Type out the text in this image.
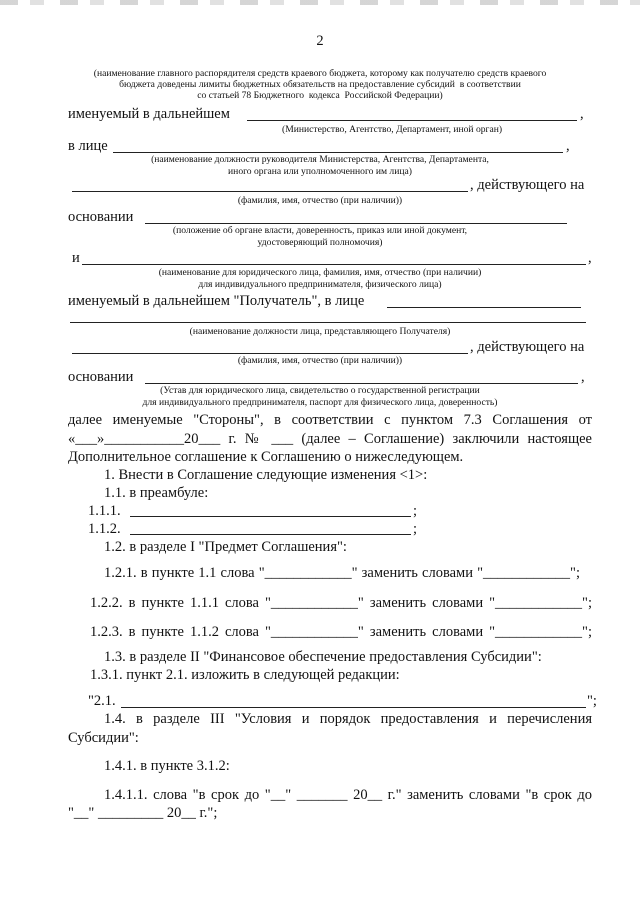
2
(наименование главного распорядителя средств краевого бюджета, которому как получателю средств краевого
бюджета доведены лимиты бюджетных обязательств на предоставление субсидий  в соответствии
со статьей 78 Бюджетного  кодекса  Российской Федерации)
именуемый в дальнейшем	,
(Министерство, Агентство, Департамент, иной орган)
в лице	,
(наименование должности руководителя Министерства, Агентства, Департамента,
иного органа или уполномоченного им лица)
, действующего на
(фамилия, имя, отчество (при наличии))
основании
(положение об органе власти, доверенность, приказ или иной документ,
удостоверяющий полномочия)
и	,
(наименование для юридического лица, фамилия, имя, отчество (при наличии)
для индивидуального предпринимателя, физического лица)
именуемый в дальнейшем "Получатель", в лице
(наименование должности лица, представляющего Получателя)
, действующего на
(фамилия, имя, отчество (при наличии))
основании	,
(Устав для юридического лица, свидетельство о государственной регистрации
для индивидуального предпринимателя, паспорт для физического лица, доверенность)
далее именуемые "Стороны", в соответствии с пунктом 7.3 Соглашения от
«___»___________20___ г. № ___ (далее – Соглашение) заключили настоящее
Дополнительное соглашение к Соглашению о нижеследующем.
1. Внести в Соглашение следующие изменения <1>:
1.1. в преамбуле:
1.1.1.	;
1.1.2.	;
1.2. в разделе I "Предмет Соглашения":
1.2.1. в пункте 1.1 слова "____________" заменить словами "____________";
1.2.2. в пункте 1.1.1 слова "____________" заменить словами "____________";
1.2.3. в пункте 1.1.2 слова "____________" заменить словами "____________";
1.3. в разделе II "Финансовое обеспечение предоставления Субсидии":
1.3.1. пункт 2.1. изложить в следующей редакции:
"2.1.	";
1.4. в разделе III "Условия и порядок предоставления и перечисления
Субсидии":
1.4.1. в пункте 3.1.2:
1.4.1.1. слова "в срок до "__" _______ 20__ г." заменить словами "в срок до
"__" _________ 20__ г.";
